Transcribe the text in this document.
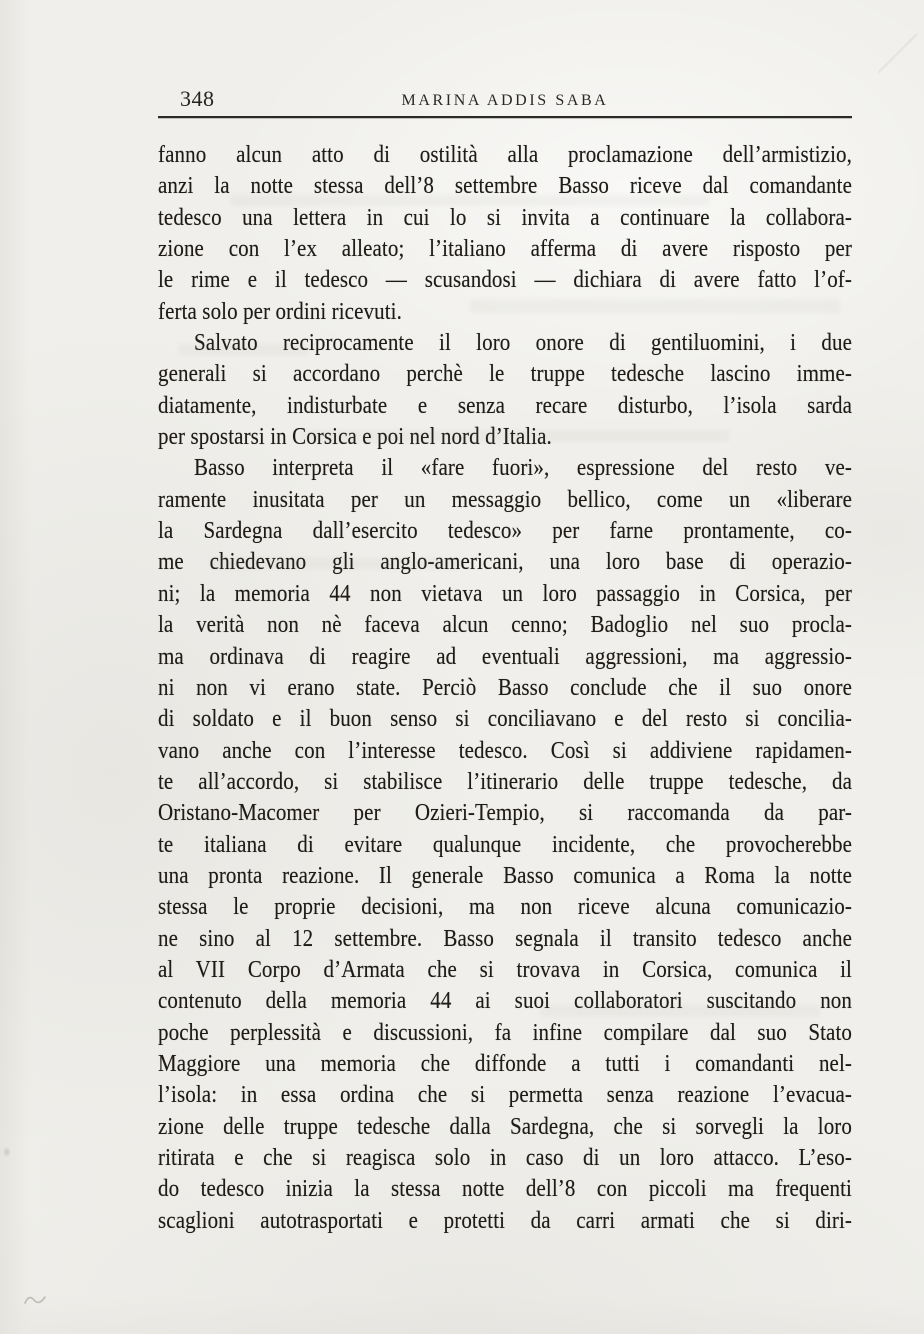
348	MARINA ADDIS SABA
fanno alcun atto di ostilità alla proclamazione dell’armistizio,
anzi la notte stessa dell’8 settembre Basso riceve dal comandante
tedesco una lettera in cui lo si invita a continuare la collabora-
zione con l’ex alleato; l’italiano afferma di avere risposto per
le rime e il tedesco — scusandosi — dichiara di avere fatto l’of-
ferta solo per ordini ricevuti.
Salvato reciprocamente il loro onore di gentiluomini, i due
generali si accordano perchè le truppe tedesche lascino imme-
diatamente, indisturbate e senza recare disturbo, l’isola sarda
per spostarsi in Corsica e poi nel nord d’Italia.
Basso interpreta il «fare fuori», espressione del resto ve-
ramente inusitata per un messaggio bellico, come un «liberare
la Sardegna dall’esercito tedesco» per farne prontamente, co-
me chiedevano gli anglo-americani, una loro base di operazio-
ni; la memoria 44 non vietava un loro passaggio in Corsica, per
la verità non nè faceva alcun cenno; Badoglio nel suo procla-
ma ordinava di reagire ad eventuali aggressioni, ma aggressio-
ni non vi erano state. Perciò Basso conclude che il suo onore
di soldato e il buon senso si conciliavano e del resto si concilia-
vano anche con l’interesse tedesco. Così si addiviene rapidamen-
te all’accordo, si stabilisce l’itinerario delle truppe tedesche, da
Oristano-Macomer per Ozieri-Tempio, si raccomanda da par-
te italiana di evitare qualunque incidente, che provocherebbe
una pronta reazione. Il generale Basso comunica a Roma la notte
stessa le proprie decisioni, ma non riceve alcuna comunicazio-
ne sino al 12 settembre. Basso segnala il transito tedesco anche
al VII Corpo d’Armata che si trovava in Corsica, comunica il
contenuto della memoria 44 ai suoi collaboratori suscitando non
poche perplessità e discussioni, fa infine compilare dal suo Stato
Maggiore una memoria che diffonde a tutti i comandanti nel-
l’isola: in essa ordina che si permetta senza reazione l’evacua-
zione delle truppe tedesche dalla Sardegna, che si sorvegli la loro
ritirata e che si reagisca solo in caso di un loro attacco. L’eso-
do tedesco inizia la stessa notte dell’8 con piccoli ma frequenti
scaglioni autotrasportati e protetti da carri armati che si diri-
